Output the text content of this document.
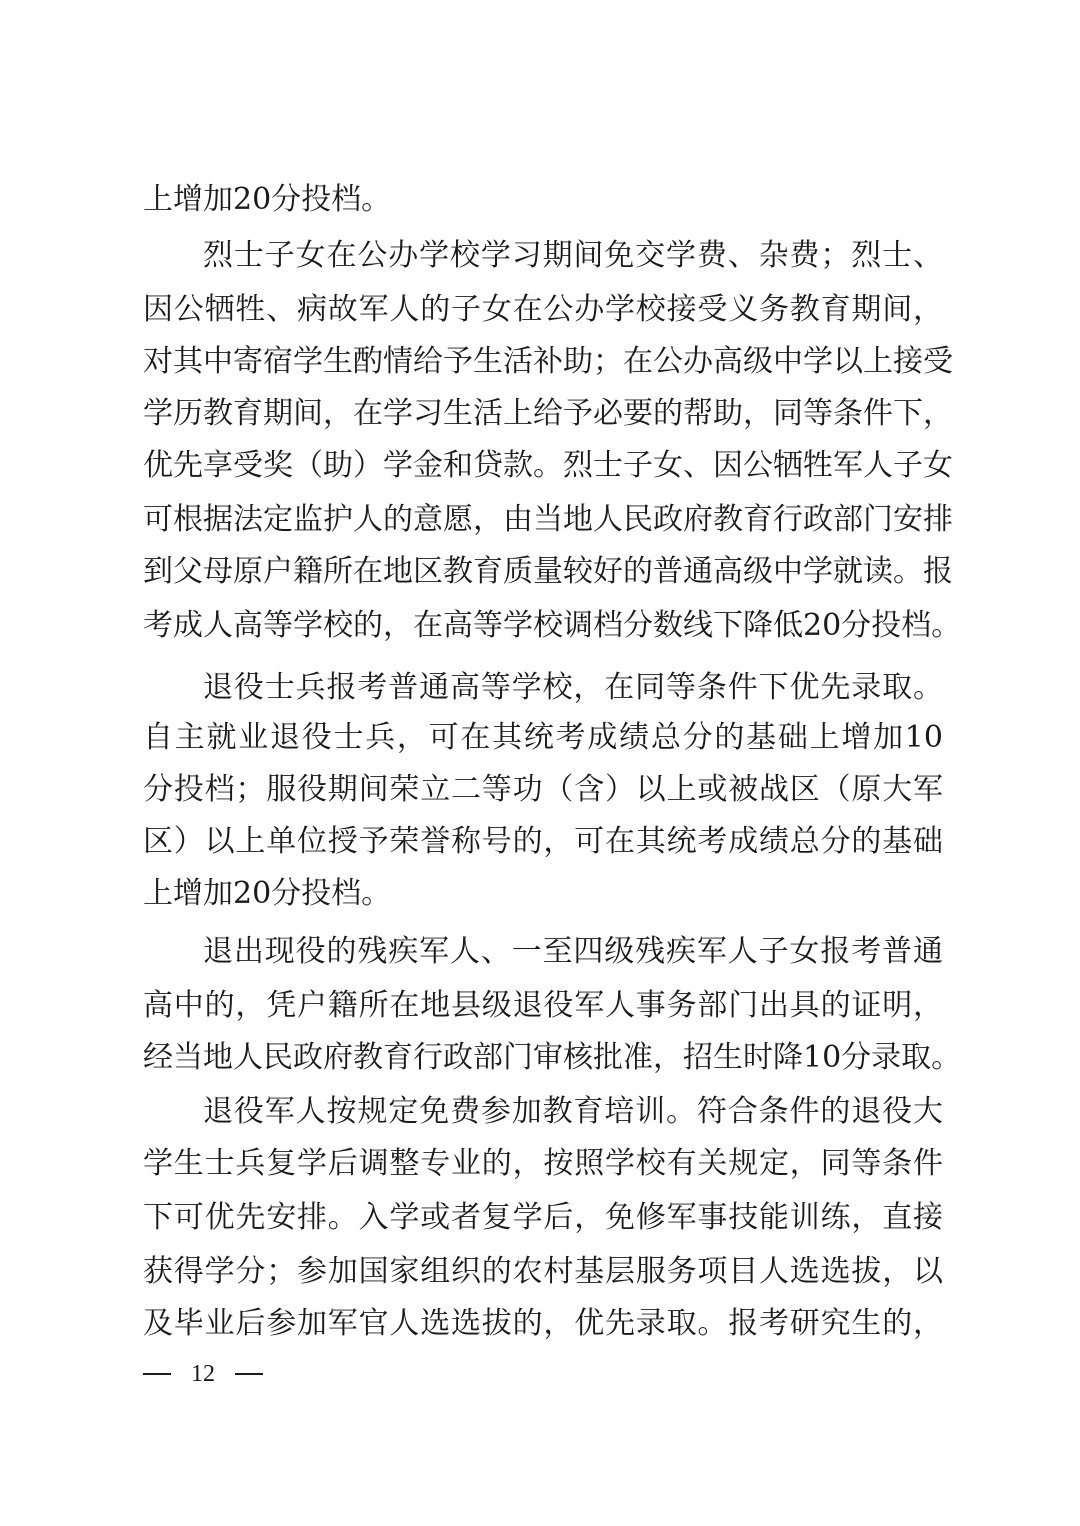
上增加20分投档。

烈士子女在公办学校学习期间免交学费、杂费；烈士、

因公牺牲、病故军人的子女在公办学校接受义务教育期间，

对其中寄宿学生酌情给予生活补助；在公办高级中学以上接受

学历教育期间，在学习生活上给予必要的帮助，同等条件下，

优先享受奖（助）学金和贷款。烈士子女、因公牺牲军人子女

可根据法定监护人的意愿，由当地人民政府教育行政部门安排

到父母原户籍所在地区教育质量较好的普通高级中学就读。报

考成人高等学校的，在高等学校调档分数线下降低20分投档。

退役士兵报考普通高等学校，在同等条件下优先录取。

自主就业退役士兵，可在其统考成绩总分的基础上增加10

分投档；服役期间荣立二等功（含）以上或被战区（原大军

区）以上单位授予荣誉称号的，可在其统考成绩总分的基础

上增加20分投档。

退出现役的残疾军人、一至四级残疾军人子女报考普通

高中的，凭户籍所在地县级退役军人事务部门出具的证明，

经当地人民政府教育行政部门审核批准，招生时降10分录取。

退役军人按规定免费参加教育培训。符合条件的退役大

学生士兵复学后调整专业的，按照学校有关规定，同等条件

下可优先安排。入学或者复学后，免修军事技能训练，直接

获得学分；参加国家组织的农村基层服务项目人选选拔，以

及毕业后参加军官人选选拔的，优先录取。报考研究生的，

12
